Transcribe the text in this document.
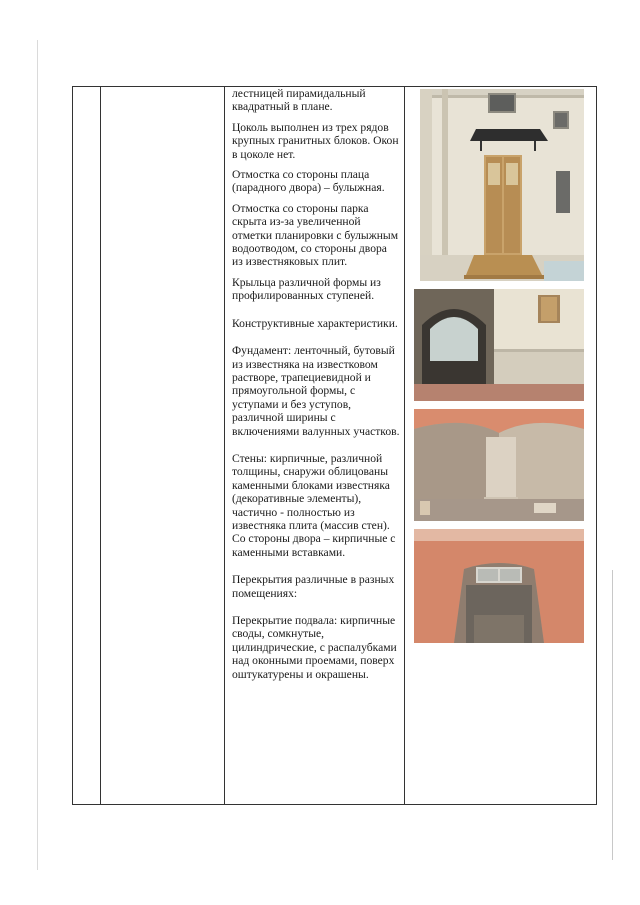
лестницей пирамидальный квадратный в плане.

Цоколь выполнен из трех рядов крупных гранитных блоков. Окон в цоколе нет.

Отмостка со стороны плаца (парадного двора) – булыжная.

Отмостка со стороны парка скрыта из-за увеличенной отметки планировки с булыжным водоотводом, со стороны двора из известняковых плит.

Крыльца различной формы из профилированных ступеней.

Конструктивные характеристики.

Фундамент: ленточный, бутовый из известняка на известковом растворе, трапециевидной и прямоугольной формы, с уступами и без уступов, различной ширины с включениями валунных участков.

Стены: кирпичные, различной толщины, снаружи облицованы каменными блоками известняка (декоративные элементы), частично - полностью из известняка плита (массив стен). Со стороны двора – кирпичные с каменными вставками.

Перекрытия различные в разных помещениях:

Перекрытие подвала: кирпичные своды, сомкнутые, цилиндрические, с распалубками над оконными проемами, поверх оштукатурены и окрашены.
